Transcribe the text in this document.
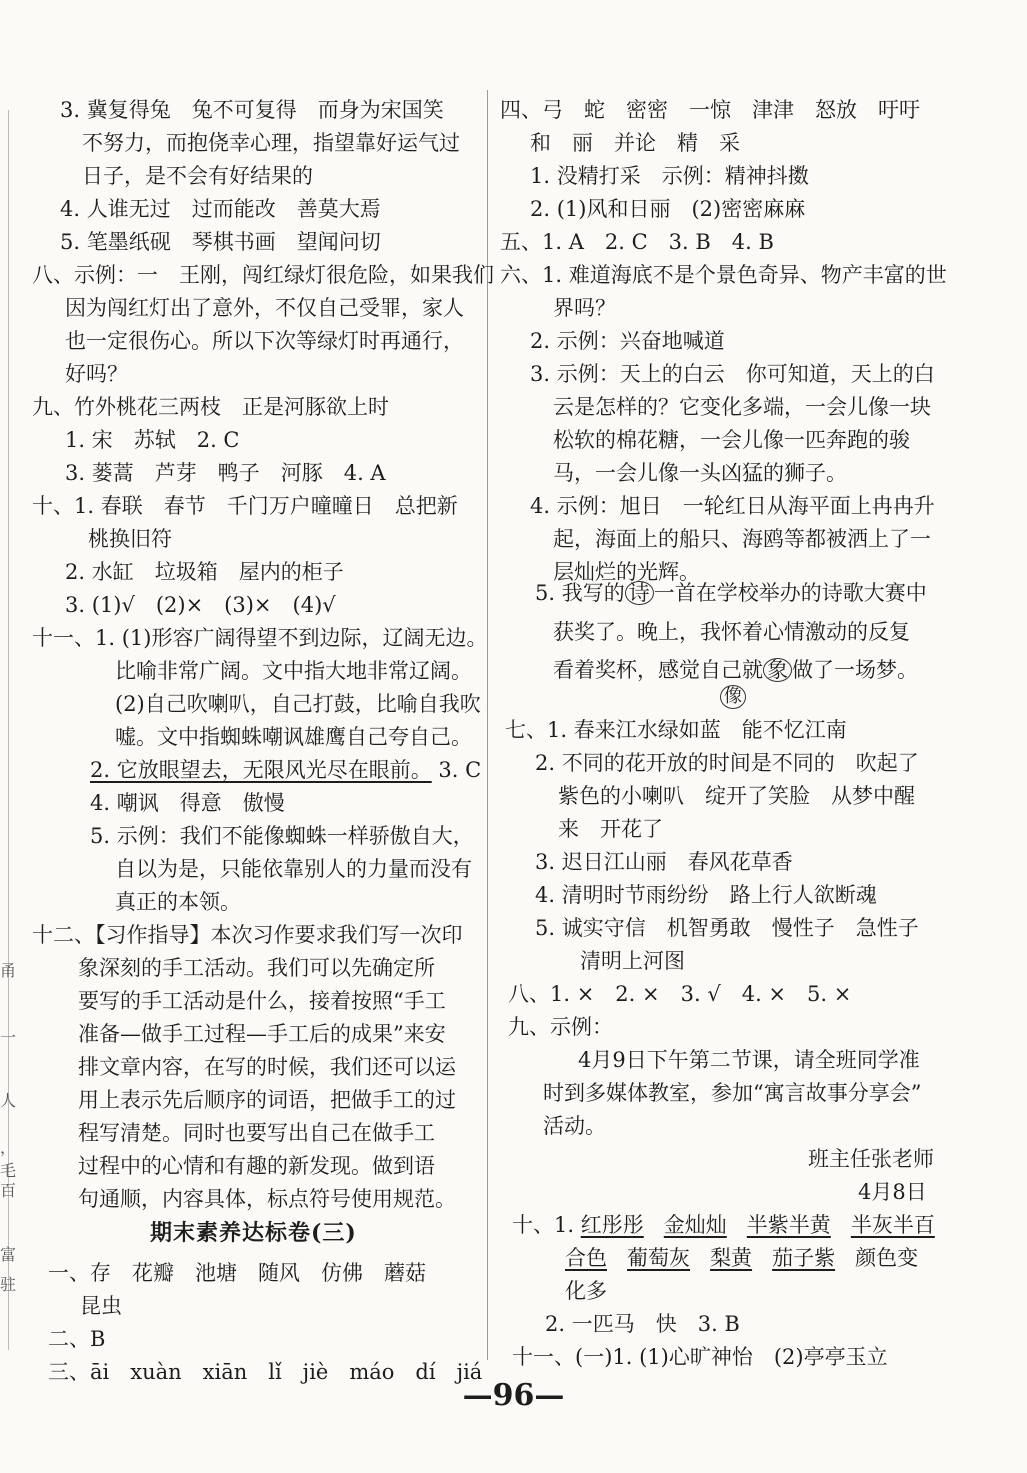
3. 冀复得兔　兔不可复得　而身为宋国笑
不努力，而抱侥幸心理，指望靠好运气过
日子，是不会有好结果的
4. 人谁无过　过而能改　善莫大焉
5. 笔墨纸砚　琴棋书画　望闻问切
八、示例：一　王刚，闯红绿灯很危险，如果我们
因为闯红灯出了意外，不仅自己受罪，家人
也一定很伤心。所以下次等绿灯时再通行，
好吗？
九、竹外桃花三两枝　正是河豚欲上时
1. 宋　苏轼　2. C
3. 蒌蒿　芦芽　鸭子　河豚　4. A
十、1. 春联　春节　千门万户曈曈日　总把新
桃换旧符
2. 水缸　垃圾箱　屋内的柜子
3. (1)√　(2)×　(3)×　(4)√
十一、1. (1)形容广阔得望不到边际，辽阔无边。
比喻非常广阔。文中指大地非常辽阔。
(2)自己吹喇叭，自己打鼓，比喻自我吹
嘘。文中指蜘蛛嘲讽雄鹰自己夸自己。
4. 嘲讽　得意　傲慢
5. 示例：我们不能像蜘蛛一样骄傲自大，
自以为是，只能依靠别人的力量而没有
真正的本领。
十二、【习作指导】本次习作要求我们写一次印
象深刻的手工活动。我们可以先确定所
要写的手工活动是什么，接着按照“手工
准备—做手工过程—手工后的成果”来安
排文章内容，在写的时候，我们还可以运
用上表示先后顺序的词语，把做手工的过
程写清楚。同时也要写出自己在做手工
过程中的心情和有趣的新发现。做到语
句通顺，内容具体，标点符号使用规范。
一、存　花瓣　池塘　随风　仿佛　蘑菇
昆虫
二、B
三、āi　xuàn　xiān　lǐ　jiè　máo　dí　jiá
四、弓　蛇　密密　一惊　津津　怒放　吁吁
和　丽　并论　精　采
1. 没精打采　示例：精神抖擞
2. (1)风和日丽　(2)密密麻麻
五、1. A　2. C　3. B　4. B
六、1. 难道海底不是个景色奇异、物产丰富的世
界吗？
2. 示例：兴奋地喊道
3. 示例：天上的白云　你可知道，天上的白
云是怎样的？它变化多端，一会儿像一块
松软的棉花糖，一会儿像一匹奔跑的骏
马，一会儿像一头凶猛的狮子。
4. 示例：旭日　一轮红日从海平面上冉冉升
起，海面上的船只、海鸥等都被洒上了一
层灿烂的光辉。
获奖了。晚上，我怀着心情激动的反复
七、1. 春来江水绿如蓝　能不忆江南
2. 不同的花开放的时间是不同的　吹起了
紫色的小喇叭　绽开了笑脸　从梦中醒
来　开花了
3. 迟日江山丽　春风花草香
4. 清明时节雨纷纷　路上行人欲断魂
5. 诚实守信　机智勇敢　慢性子　急性子
清明上河图
八、1. ×　2. ×　3. √　4. ×　5. ×
九、示例：
4月9日下午第二节课，请全班同学准
时到多媒体教室，参加“寓言故事分享会”
活动。
班主任张老师
4月8日
2. 一匹马　快　3. B
十一、(一)1. (1)心旷神怡　(2)亭亭玉立
2. 它放眼望去，无限风光尽在眼前。 3. C
期末素养达标卷(三)
5. 我写的 诗 一首在学校举办的诗歌大赛中
看着奖杯，感觉自己就 象 做了一场梦。
像
十、1. 红彤彤 金灿灿 半紫半黄 半灰半百
合色 葡萄灰 梨黄 茄子紫 颜色变
化多
—96—
甬
一
人
，
毛
百
富
驻
